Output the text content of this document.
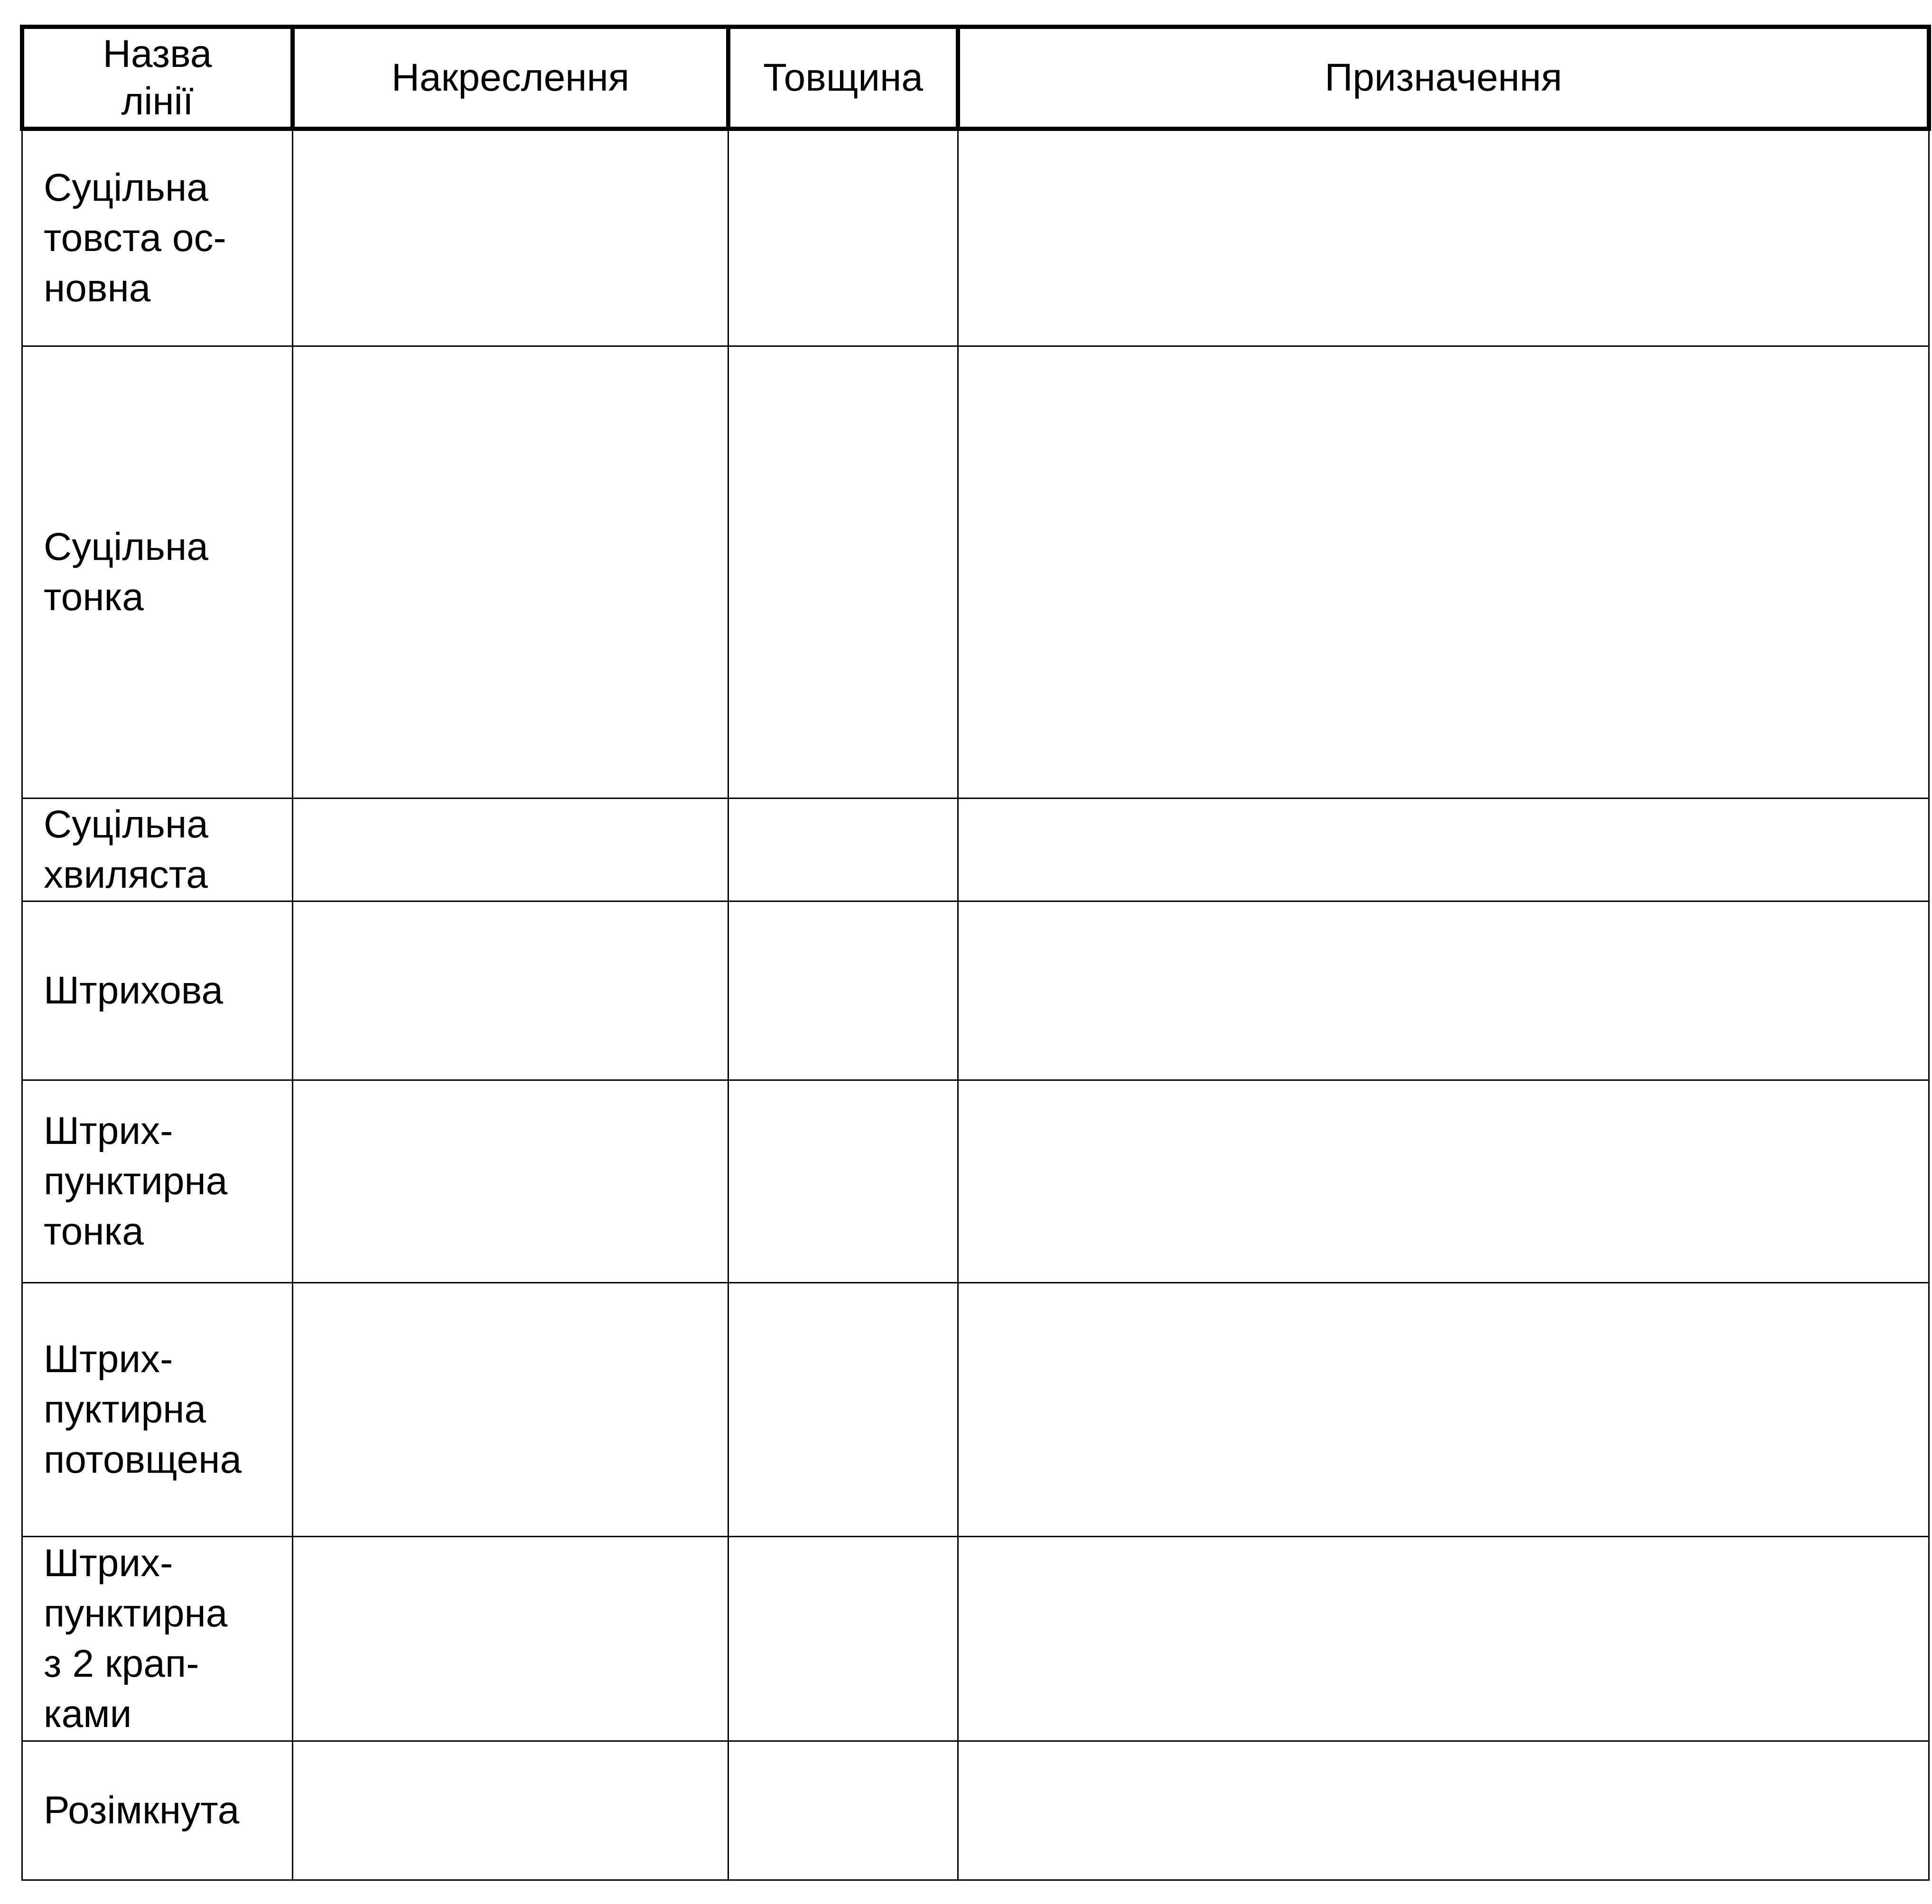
Назва
лінії	Накреслення	Товщина	Призначення

Суцільна
товста ос-
новна			

Суцільна
тонка			

Суцільна
хвиляста			

Штрихова			

Штрих-
пунктирна
тонка			

Штрих-
пуктирна
потовщена			

Штрих-
пунктирна
з 2 крап-
ками			

Розімкнута			
